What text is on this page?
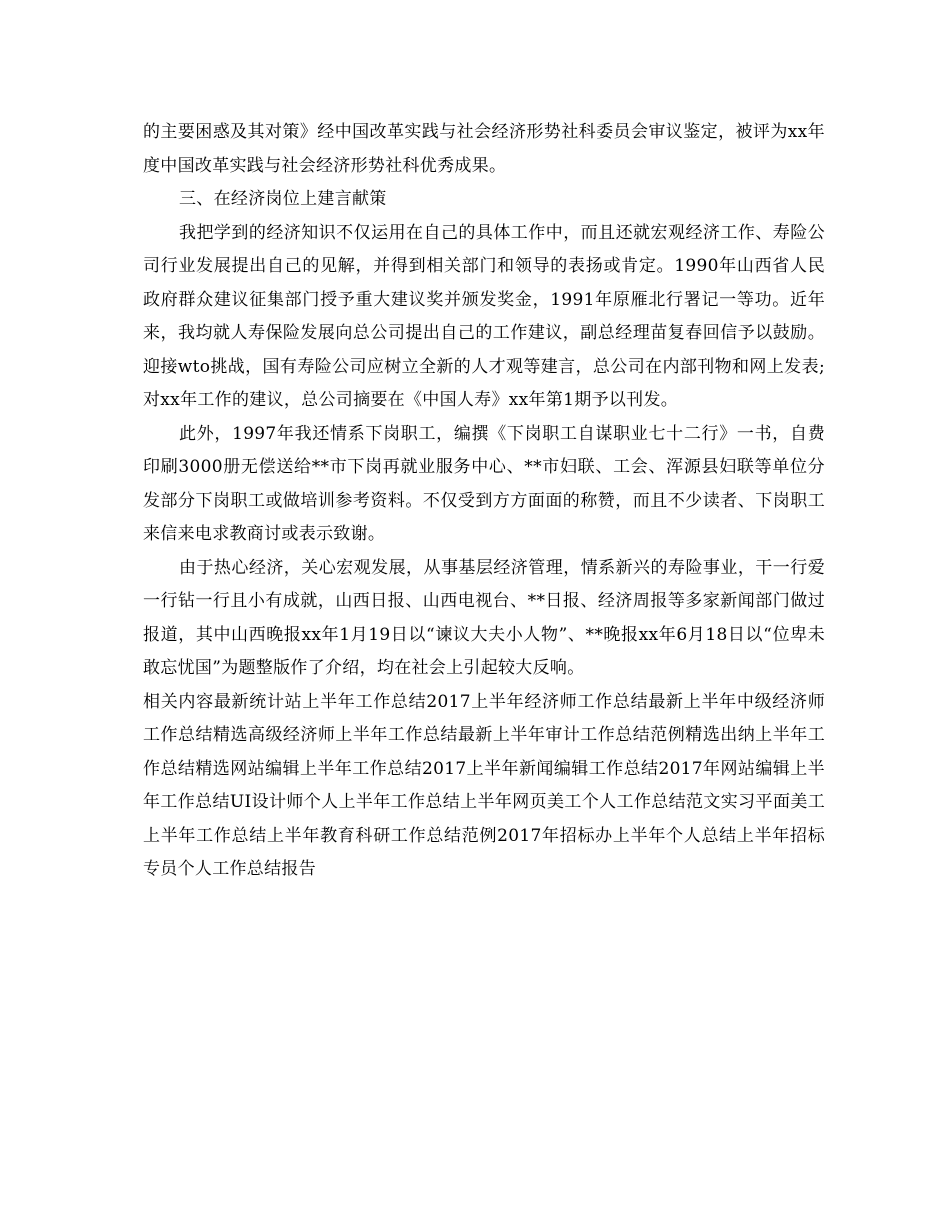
的主要困惑及其对策》经中国改革实践与社会经济形势社科委员会审议鉴定，被评为xx年度中国改革实践与社会经济形势社科优秀成果。

三、在经济岗位上建言献策

我把学到的经济知识不仅运用在自己的具体工作中，而且还就宏观经济工作、寿险公司行业发展提出自己的见解，并得到相关部门和领导的表扬或肯定。1990年山西省人民政府群众建议征集部门授予重大建议奖并颁发奖金，1991年原雁北行署记一等功。近年来，我均就人寿保险发展向总公司提出自己的工作建议，副总经理苗复春回信予以鼓励。迎接wto挑战，国有寿险公司应树立全新的人才观等建言，总公司在内部刊物和网上发表;对xx年工作的建议，总公司摘要在《中国人寿》xx年第1期予以刊发。

此外，1997年我还情系下岗职工，编撰《下岗职工自谋职业七十二行》一书，自费印刷3000册无偿送给**市下岗再就业服务中心、**市妇联、工会、浑源县妇联等单位分发部分下岗职工或做培训参考资料。不仅受到方方面面的称赞，而且不少读者、下岗职工来信来电求教商讨或表示致谢。

由于热心经济，关心宏观发展，从事基层经济管理，情系新兴的寿险事业，干一行爱一行钻一行且小有成就，山西日报、山西电视台、**日报、经济周报等多家新闻部门做过报道，其中山西晚报xx年1月19日以“谏议大夫小人物”、**晚报xx年6月18日以“位卑未敢忘忧国”为题整版作了介绍，均在社会上引起较大反响。

相关内容最新统计站上半年工作总结2017上半年经济师工作总结最新上半年中级经济师工作总结精选高级经济师上半年工作总结最新上半年审计工作总结范例精选出纳上半年工作总结精选网站编辑上半年工作总结2017上半年新闻编辑工作总结2017年网站编辑上半年工作总结UI设计师个人上半年工作总结上半年网页美工个人工作总结范文实习平面美工上半年工作总结上半年教育科研工作总结范例2017年招标办上半年个人总结上半年招标专员个人工作总结报告
